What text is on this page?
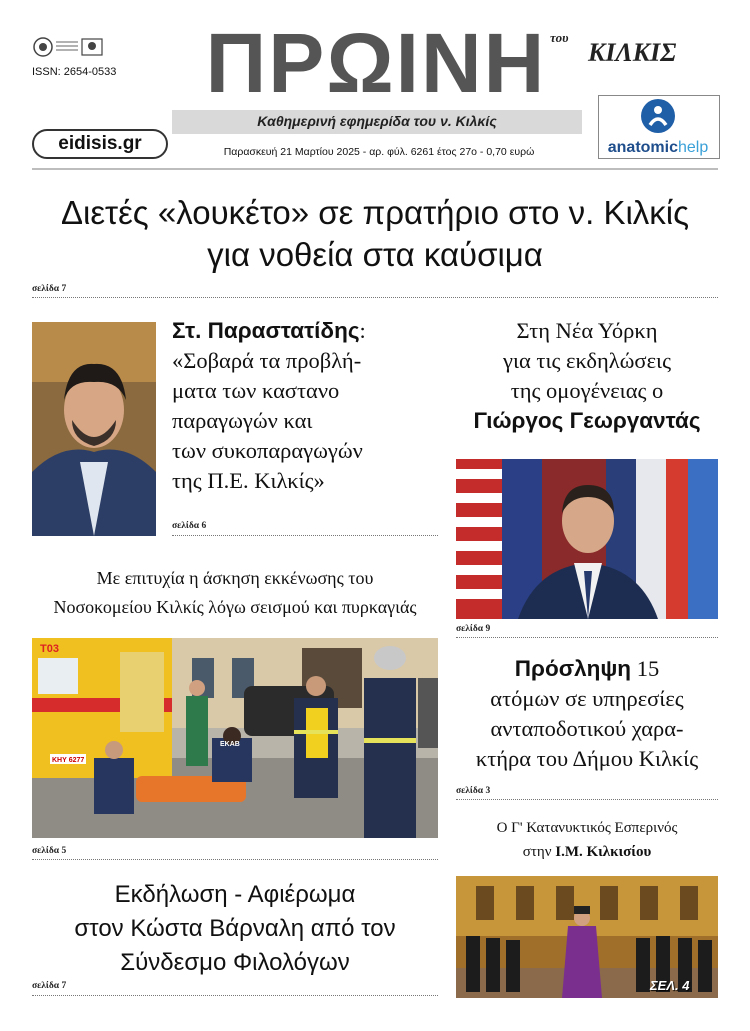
ISSN: 2654-0533	ΠΡΩΙΝΗ του
ΚΙΛΚΙΣ
Καθημερινή εφημερίδα του ν. Κιλκίς
eidisis.gr	Παρασκευή 21 Μαρτίου 2025 - αρ. φύλ. 6261 έτος 27ο - 0,70 ευρώ	anatomichelp
Διετές «λουκέτο» σε πρατήριο στο ν. Κιλκίς
για νοθεία στα καύσιμα
σελίδα 7
Στ. Παραστατίδης:
«Σοβαρά τα προβλή-
ματα των καστανο
παραγωγών και
των συκοπαραγωγών
της Π.Ε. Κιλκίς»
σελίδα 6
Στη Νέα Υόρκη
για τις εκδηλώσεις
της ομογένειας ο
Γιώργος Γεωργαντάς
σελίδα 9
Με επιτυχία η άσκηση εκκένωσης του
Νοσοκομείου Κιλκίς λόγω σεισμού και πυρκαγιάς
Τ03
ΚΗΥ 6277
ΕΚΑΒ
σελίδα 5
Πρόσληψη 15
ατόμων σε υπηρεσίες
ανταποδοτικού χαρα-
κτήρα του Δήμου Κιλκίς
σελίδα 3
Ο Γ' Κατανυκτικός Εσπερινός
στην Ι.Μ. Κιλκισίου
ΣΕΛ. 4
Εκδήλωση - Αφιέρωμα
στον Κώστα Βάρναλη από τον
Σύνδεσμο Φιλολόγων
σελίδα 7
